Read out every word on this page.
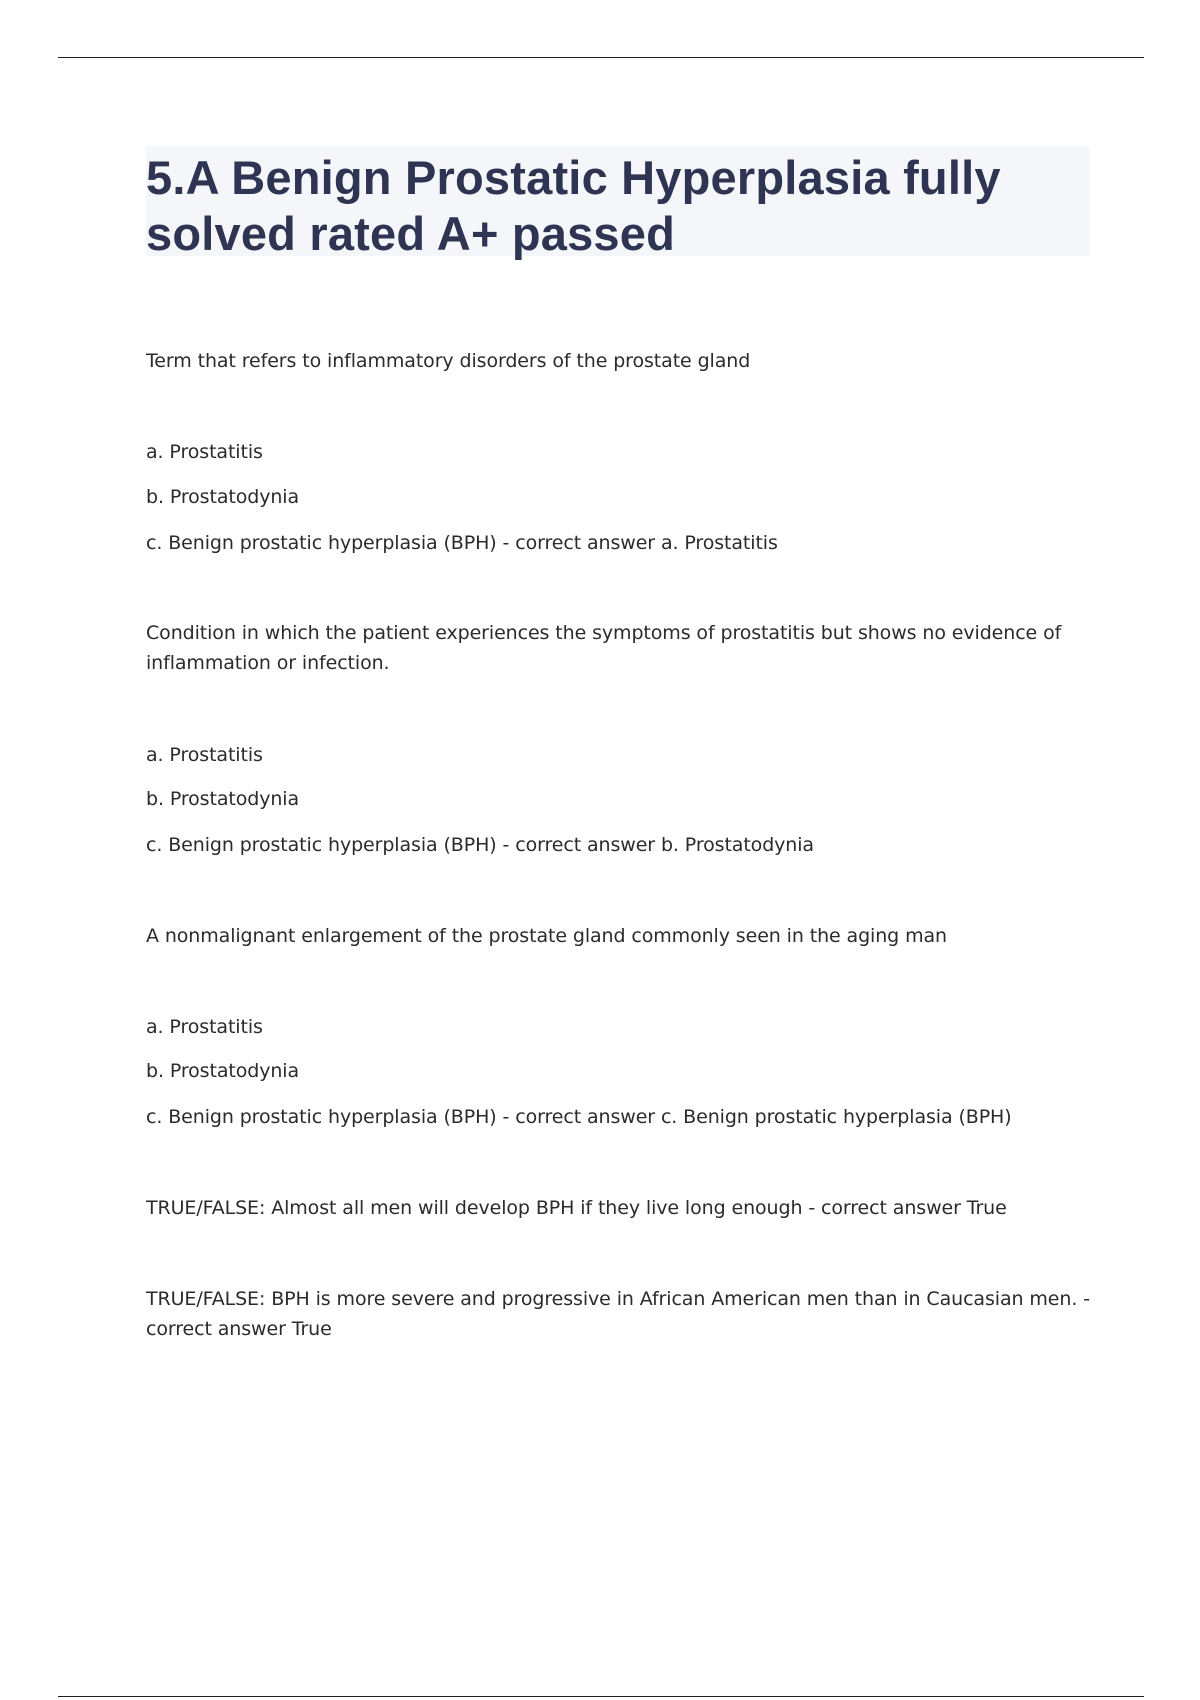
5.A Benign Prostatic Hyperplasia fully solved rated A+ passed

Term that refers to inflammatory disorders of the prostate gland

a. Prostatitis

b. Prostatodynia

c. Benign prostatic hyperplasia (BPH) - correct answer a. Prostatitis

Condition in which the patient experiences the symptoms of prostatitis but shows no evidence of inflammation or infection.

a. Prostatitis

b. Prostatodynia

c. Benign prostatic hyperplasia (BPH) - correct answer b. Prostatodynia

A nonmalignant enlargement of the prostate gland commonly seen in the aging man

a. Prostatitis

b. Prostatodynia

c. Benign prostatic hyperplasia (BPH) - correct answer c. Benign prostatic hyperplasia (BPH)

TRUE/FALSE: Almost all men will develop BPH if they live long enough - correct answer True

TRUE/FALSE: BPH is more severe and progressive in African American men than in Caucasian men. - correct answer True
